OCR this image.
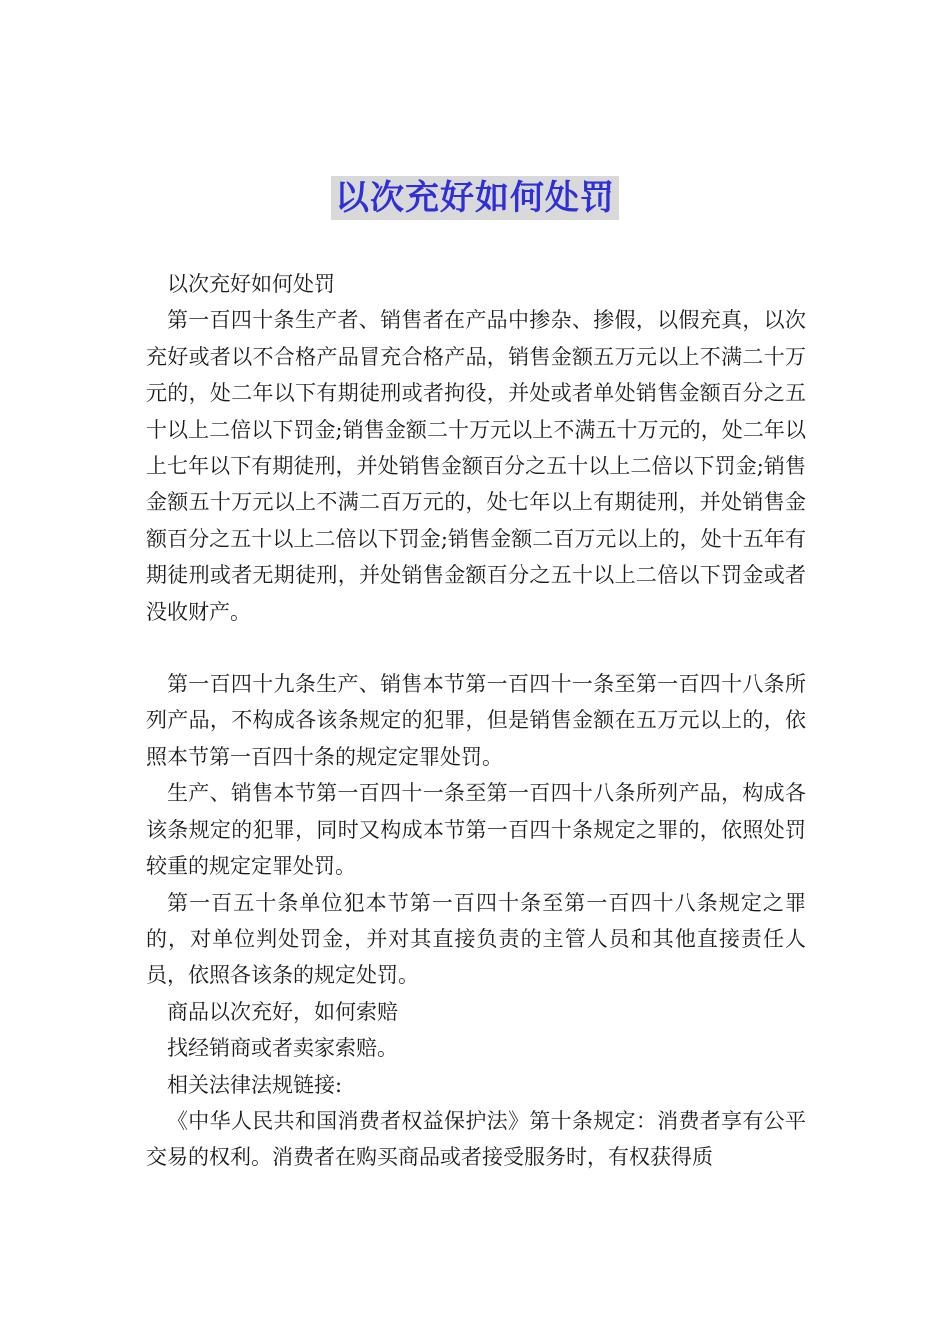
以次充好如何处罚

以次充好如何处罚

第一百四十条生产者、销售者在产品中掺杂、掺假，以假充真，以次充好或者以不合格产品冒充合格产品，销售金额五万元以上不满二十万元的，处二年以下有期徒刑或者拘役，并处或者单处销售金额百分之五十以上二倍以下罚金;销售金额二十万元以上不满五十万元的，处二年以上七年以下有期徒刑，并处销售金额百分之五十以上二倍以下罚金;销售金额五十万元以上不满二百万元的，处七年以上有期徒刑，并处销售金额百分之五十以上二倍以下罚金;销售金额二百万元以上的，处十五年有期徒刑或者无期徒刑，并处销售金额百分之五十以上二倍以下罚金或者没收财产。

第一百四十九条生产、销售本节第一百四十一条至第一百四十八条所列产品，不构成各该条规定的犯罪，但是销售金额在五万元以上的，依照本节第一百四十条的规定定罪处罚。

生产、销售本节第一百四十一条至第一百四十八条所列产品，构成各该条规定的犯罪，同时又构成本节第一百四十条规定之罪的，依照处罚较重的规定定罪处罚。

第一百五十条单位犯本节第一百四十条至第一百四十八条规定之罪的，对单位判处罚金，并对其直接负责的主管人员和其他直接责任人员，依照各该条的规定处罚。

商品以次充好，如何索赔

找经销商或者卖家索赔。

相关法律法规链接:

《中华人民共和国消费者权益保护法》第十条规定：消费者享有公平交易的权利。消费者在购买商品或者接受服务时，有权获得质
